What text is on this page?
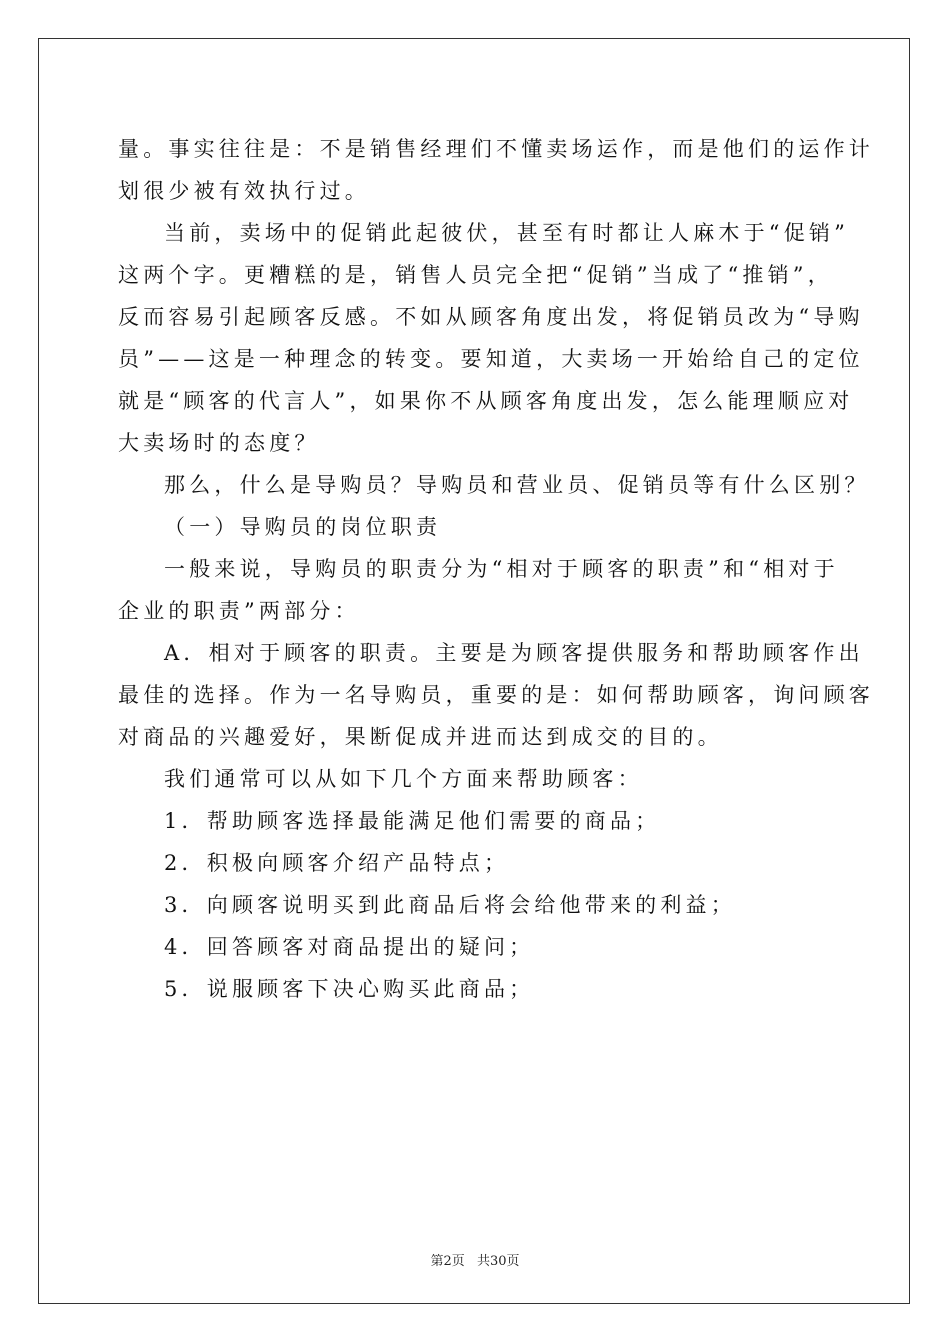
量。事实往往是：不是销售经理们不懂卖场运作，而是他们的运作计
划很少被有效执行过。
当前，卖场中的促销此起彼伏，甚至有时都让人麻木于“促销”
这两个字。更糟糕的是，销售人员完全把“促销”当成了“推销”，
反而容易引起顾客反感。不如从顾客角度出发，将促销员改为“导购
员”——这是一种理念的转变。要知道，大卖场一开始给自己的定位
就是“顾客的代言人”，如果你不从顾客角度出发，怎么能理顺应对
大卖场时的态度？
那么，什么是导购员？导购员和营业员、促销员等有什么区别？
（一）导购员的岗位职责
一般来说，导购员的职责分为“相对于顾客的职责”和“相对于
企业的职责”两部分：
A．相对于顾客的职责。主要是为顾客提供服务和帮助顾客作出
最佳的选择。作为一名导购员，重要的是：如何帮助顾客，询问顾客
对商品的兴趣爱好，果断促成并进而达到成交的目的。
我们通常可以从如下几个方面来帮助顾客：
1．帮助顾客选择最能满足他们需要的商品；
2．积极向顾客介绍产品特点；
3．向顾客说明买到此商品后将会给他带来的利益；
4．回答顾客对商品提出的疑问；
5．说服顾客下决心购买此商品；
第2页 共30页
